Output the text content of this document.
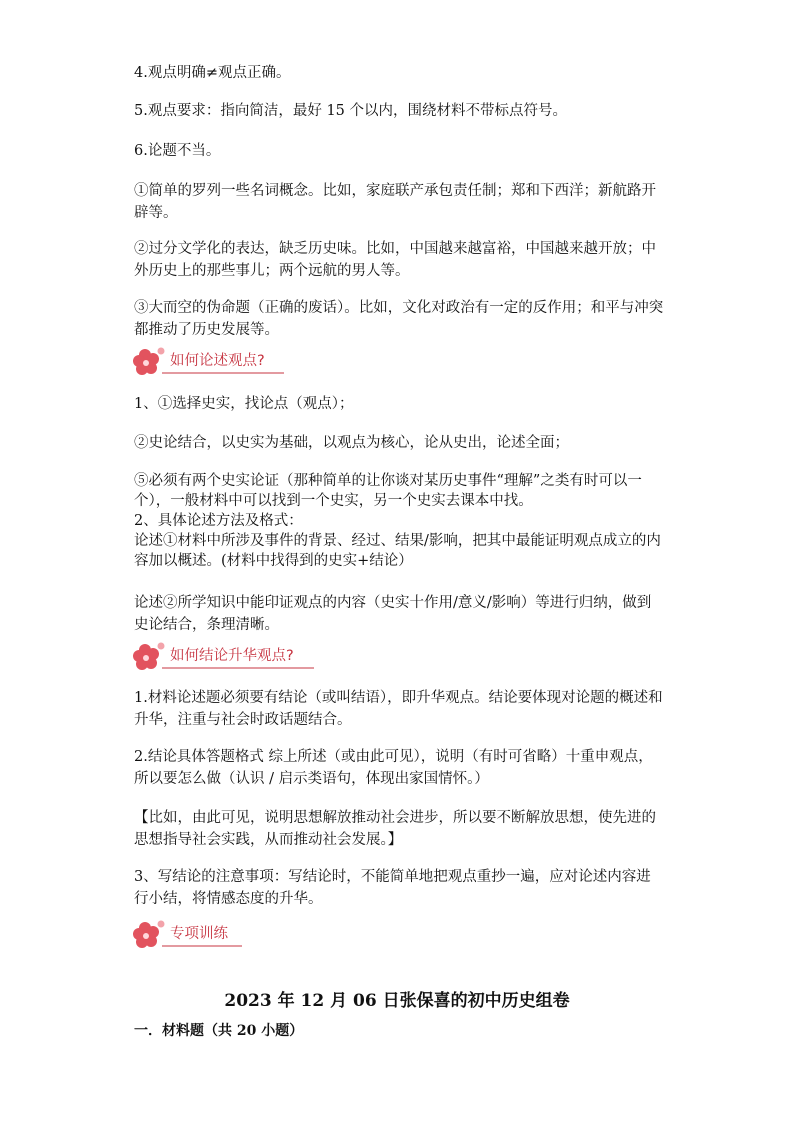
4.观点明确≠观点正确。

5.观点要求：指向简洁，最好 15 个以内，围绕材料不带标点符号。

6.论题不当。

①简单的罗列一些名词概念。比如，家庭联产承包责任制；郑和下西洋；新航路开辟等。

②过分文学化的表达，缺乏历史味。比如，中国越来越富裕，中国越来越开放；中外历史上的那些事儿；两个远航的男人等。

③大而空的伪命题（正确的废话）。比如，文化对政治有一定的反作用；和平与冲突都推动了历史发展等。

如何论述观点?

1、①选择史实，找论点（观点）；

②史论结合，以史实为基础，以观点为核心，论从史出，论述全面；

⑤必须有两个史实论证（那种简单的让你谈对某历史事件“理解”之类有时可以一个），一般材料中可以找到一个史实，另一个史实去课本中找。

2、具体论述方法及格式：

论述①材料中所涉及事件的背景、经过、结果/影响，把其中最能证明观点成立的内容加以概述。(材料中找得到的史实+结论）

论述②所学知识中能印证观点的内容（史实十作用/意义/影响）等进行归纳，做到史论结合，条理清晰。

如何结论升华观点?

1.材料论述题必须要有结论（或叫结语），即升华观点。结论要体现对论题的概述和升华，注重与社会时政话题结合。

2.结论具体答题格式 综上所述（或由此可见），说明（有时可省略）十重申观点，所以要怎么做（认识 / 启示类语句，体现出家国情怀。）

【比如，由此可见，说明思想解放推动社会进步，所以要不断解放思想，使先进的思想指导社会实践，从而推动社会发展。】

3、写结论的注意事项：写结论时，不能简单地把观点重抄一遍，应对论述内容进行小结，将情感态度的升华。

专项训练
2023 年 12 月 06 日张保喜的初中历史组卷
一．材料题（共 20 小题）
